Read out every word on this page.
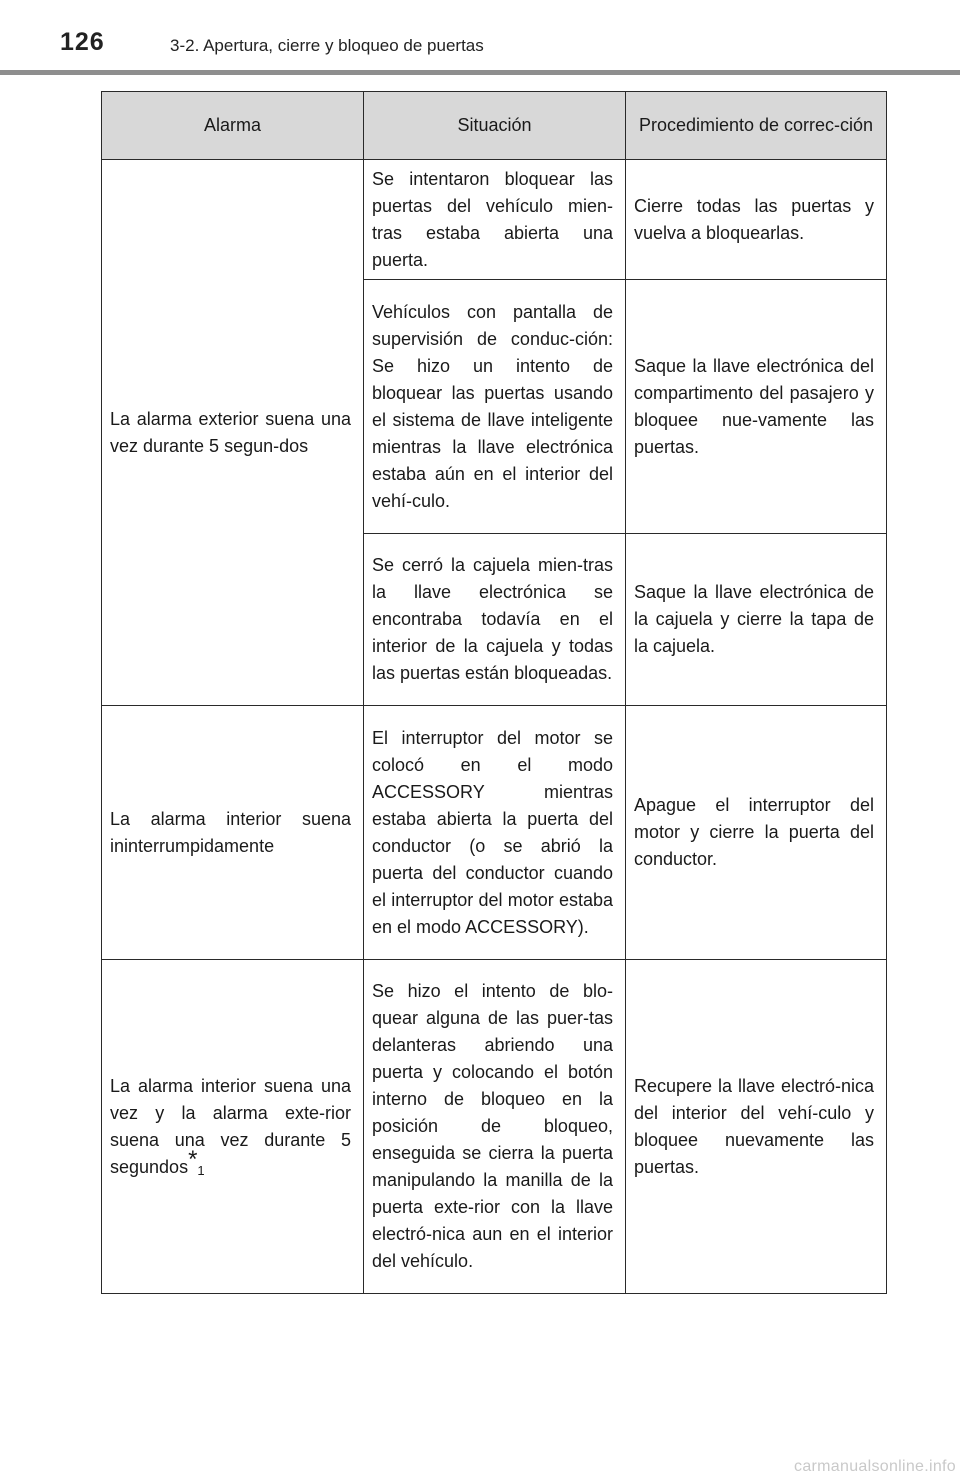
126	3-2. Apertura, cierre y bloqueo de puertas
Alarma	Situación	Procedimiento de correc-ción
La alarma exterior suena una vez durante 5 segun-dos	Se intentaron bloquear las puertas del vehículo mien-tras estaba abierta una puerta.	Cierre todas las puertas y vuelva a bloquearlas.
	Vehículos con pantalla de supervisión de conduc-ción: Se hizo un intento de bloquear las puertas usando el sistema de llave inteligente mientras la llave electrónica estaba aún en el interior del vehí-culo.	Saque la llave electrónica del compartimento del pasajero y bloquee nue-vamente las puertas.
	Se cerró la cajuela mien-tras la llave electrónica se encontraba todavía en el interior de la cajuela y todas las puertas están bloqueadas.	Saque la llave electrónica de la cajuela y cierre la tapa de la cajuela.
La alarma interior suena ininterrumpidamente	El interruptor del motor se colocó en el modo ACCESSORY mientras estaba abierta la puerta del conductor (o se abrió la puerta del conductor cuando el interruptor del motor estaba en el modo ACCESSORY).	Apague el interruptor del motor y cierre la puerta del conductor.
La alarma interior suena una vez y la alarma exte-rior suena una vez durante 5 segundos*1	Se hizo el intento de blo-quear alguna de las puer-tas delanteras abriendo una puerta y colocando el botón interno de bloqueo en la posición de bloqueo, enseguida se cierra la puerta manipulando la manilla de la puerta exte-rior con la llave electró-nica aun en el interior del vehículo.	Recupere la llave electró-nica del interior del vehí-culo y bloquee nuevamente las puertas.
carmanualsonline.info
